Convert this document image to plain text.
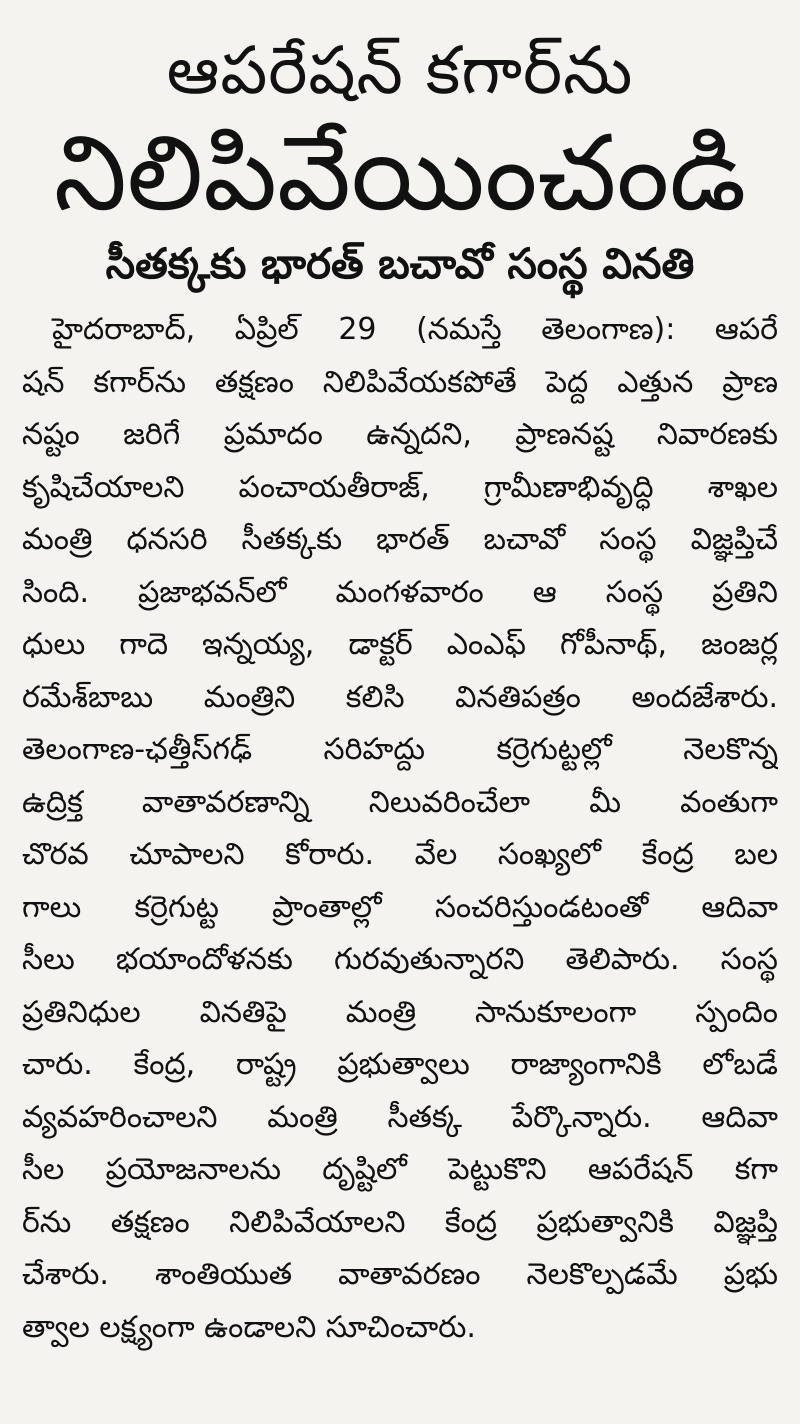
ఆపరేషన్ కగార్‌ను
నిలిపివేయించండి
సీతక్కకు భారత్ బచావో సంస్థ వినతి
హైదరాబాద్, ఏప్రిల్ 29 (నమస్తే తెలంగాణ): ఆపరే
షన్ కగార్‌ను తక్షణం నిలిపివేయకపోతే పెద్ద ఎత్తున ప్రాణ
నష్టం జరిగే ప్రమాదం ఉన్నదని, ప్రాణనష్ట నివారణకు
కృషిచేయాలని పంచాయతీరాజ్, గ్రామీణాభివృద్ధి శాఖల
మంత్రి ధనసరి సీతక్కకు భారత్ బచావో సంస్థ విజ్ఞప్తిచే
సింది. ప్రజాభవన్‌లో మంగళవారం ఆ సంస్థ ప్రతిని
ధులు గాదె ఇన్నయ్య, డాక్టర్ ఎంఎఫ్ గోపీనాథ్, జంజర్ల
రమేశ్‌బాబు మంత్రిని కలిసి వినతిపత్రం అందజేశారు.
తెలంగాణ-ఛత్తీస్‌గఢ్ సరిహద్దు కర్రెగుట్టల్లో నెలకొన్న
ఉద్రిక్త వాతావరణాన్ని నిలువరించేలా మీ వంతుగా
చొరవ చూపాలని కోరారు. వేల సంఖ్యలో కేంద్ర బల
గాలు కర్రెగుట్ట ప్రాంతాల్లో సంచరిస్తుండటంతో ఆదివా
సీలు భయాందోళనకు గురవుతున్నారని తెలిపారు. సంస్థ
ప్రతినిధుల వినతిపై మంత్రి సానుకూలంగా స్పందిం
చారు. కేంద్ర, రాష్ట్ర ప్రభుత్వాలు రాజ్యాంగానికి లోబడే
వ్యవహరించాలని మంత్రి సీతక్క పేర్కొన్నారు. ఆదివా
సీల ప్రయోజనాలను దృష్టిలో పెట్టుకొని ఆపరేషన్ కగా
ర్‌ను తక్షణం నిలిపివేయాలని కేంద్ర ప్రభుత్వానికి విజ్ఞప్తి
చేశారు. శాంతియుత వాతావరణం నెలకొల్పడమే ప్రభు
త్వాల లక్ష్యంగా ఉండాలని సూచించారు.
